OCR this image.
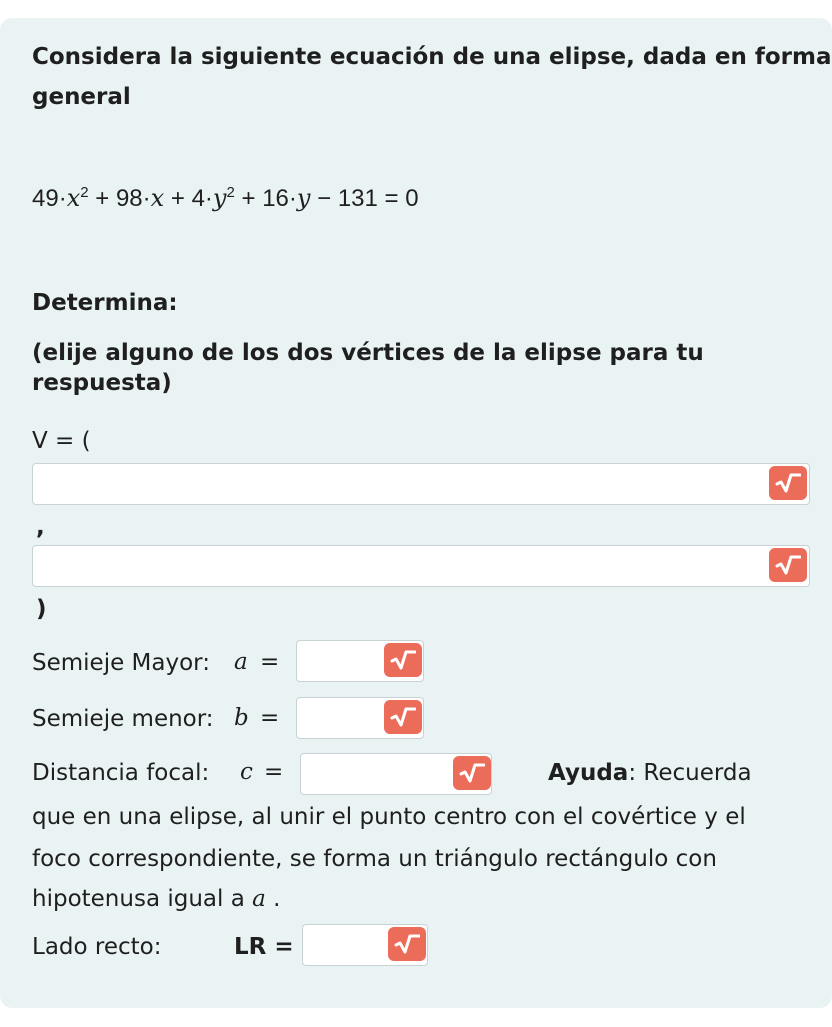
Considera la siguiente ecuación de una elipse, dada en forma
general
$49\cdot x^2 + 98\cdot x + 4\cdot y^2 + 16\cdot y - 131 = 0$
Determina:
(elije alguno de los dos vértices de la elipse para tu respuesta)
V = (
,
)
Semieje Mayor: a =
Semieje menor: b =
Distancia focal: c =	Ayuda: Recuerda
que en una elipse, al unir el punto centro con el covértice y el
foco correspondiente, se forma un triángulo rectángulo con
hipotenusa igual a a .
Lado recto:	LR =
